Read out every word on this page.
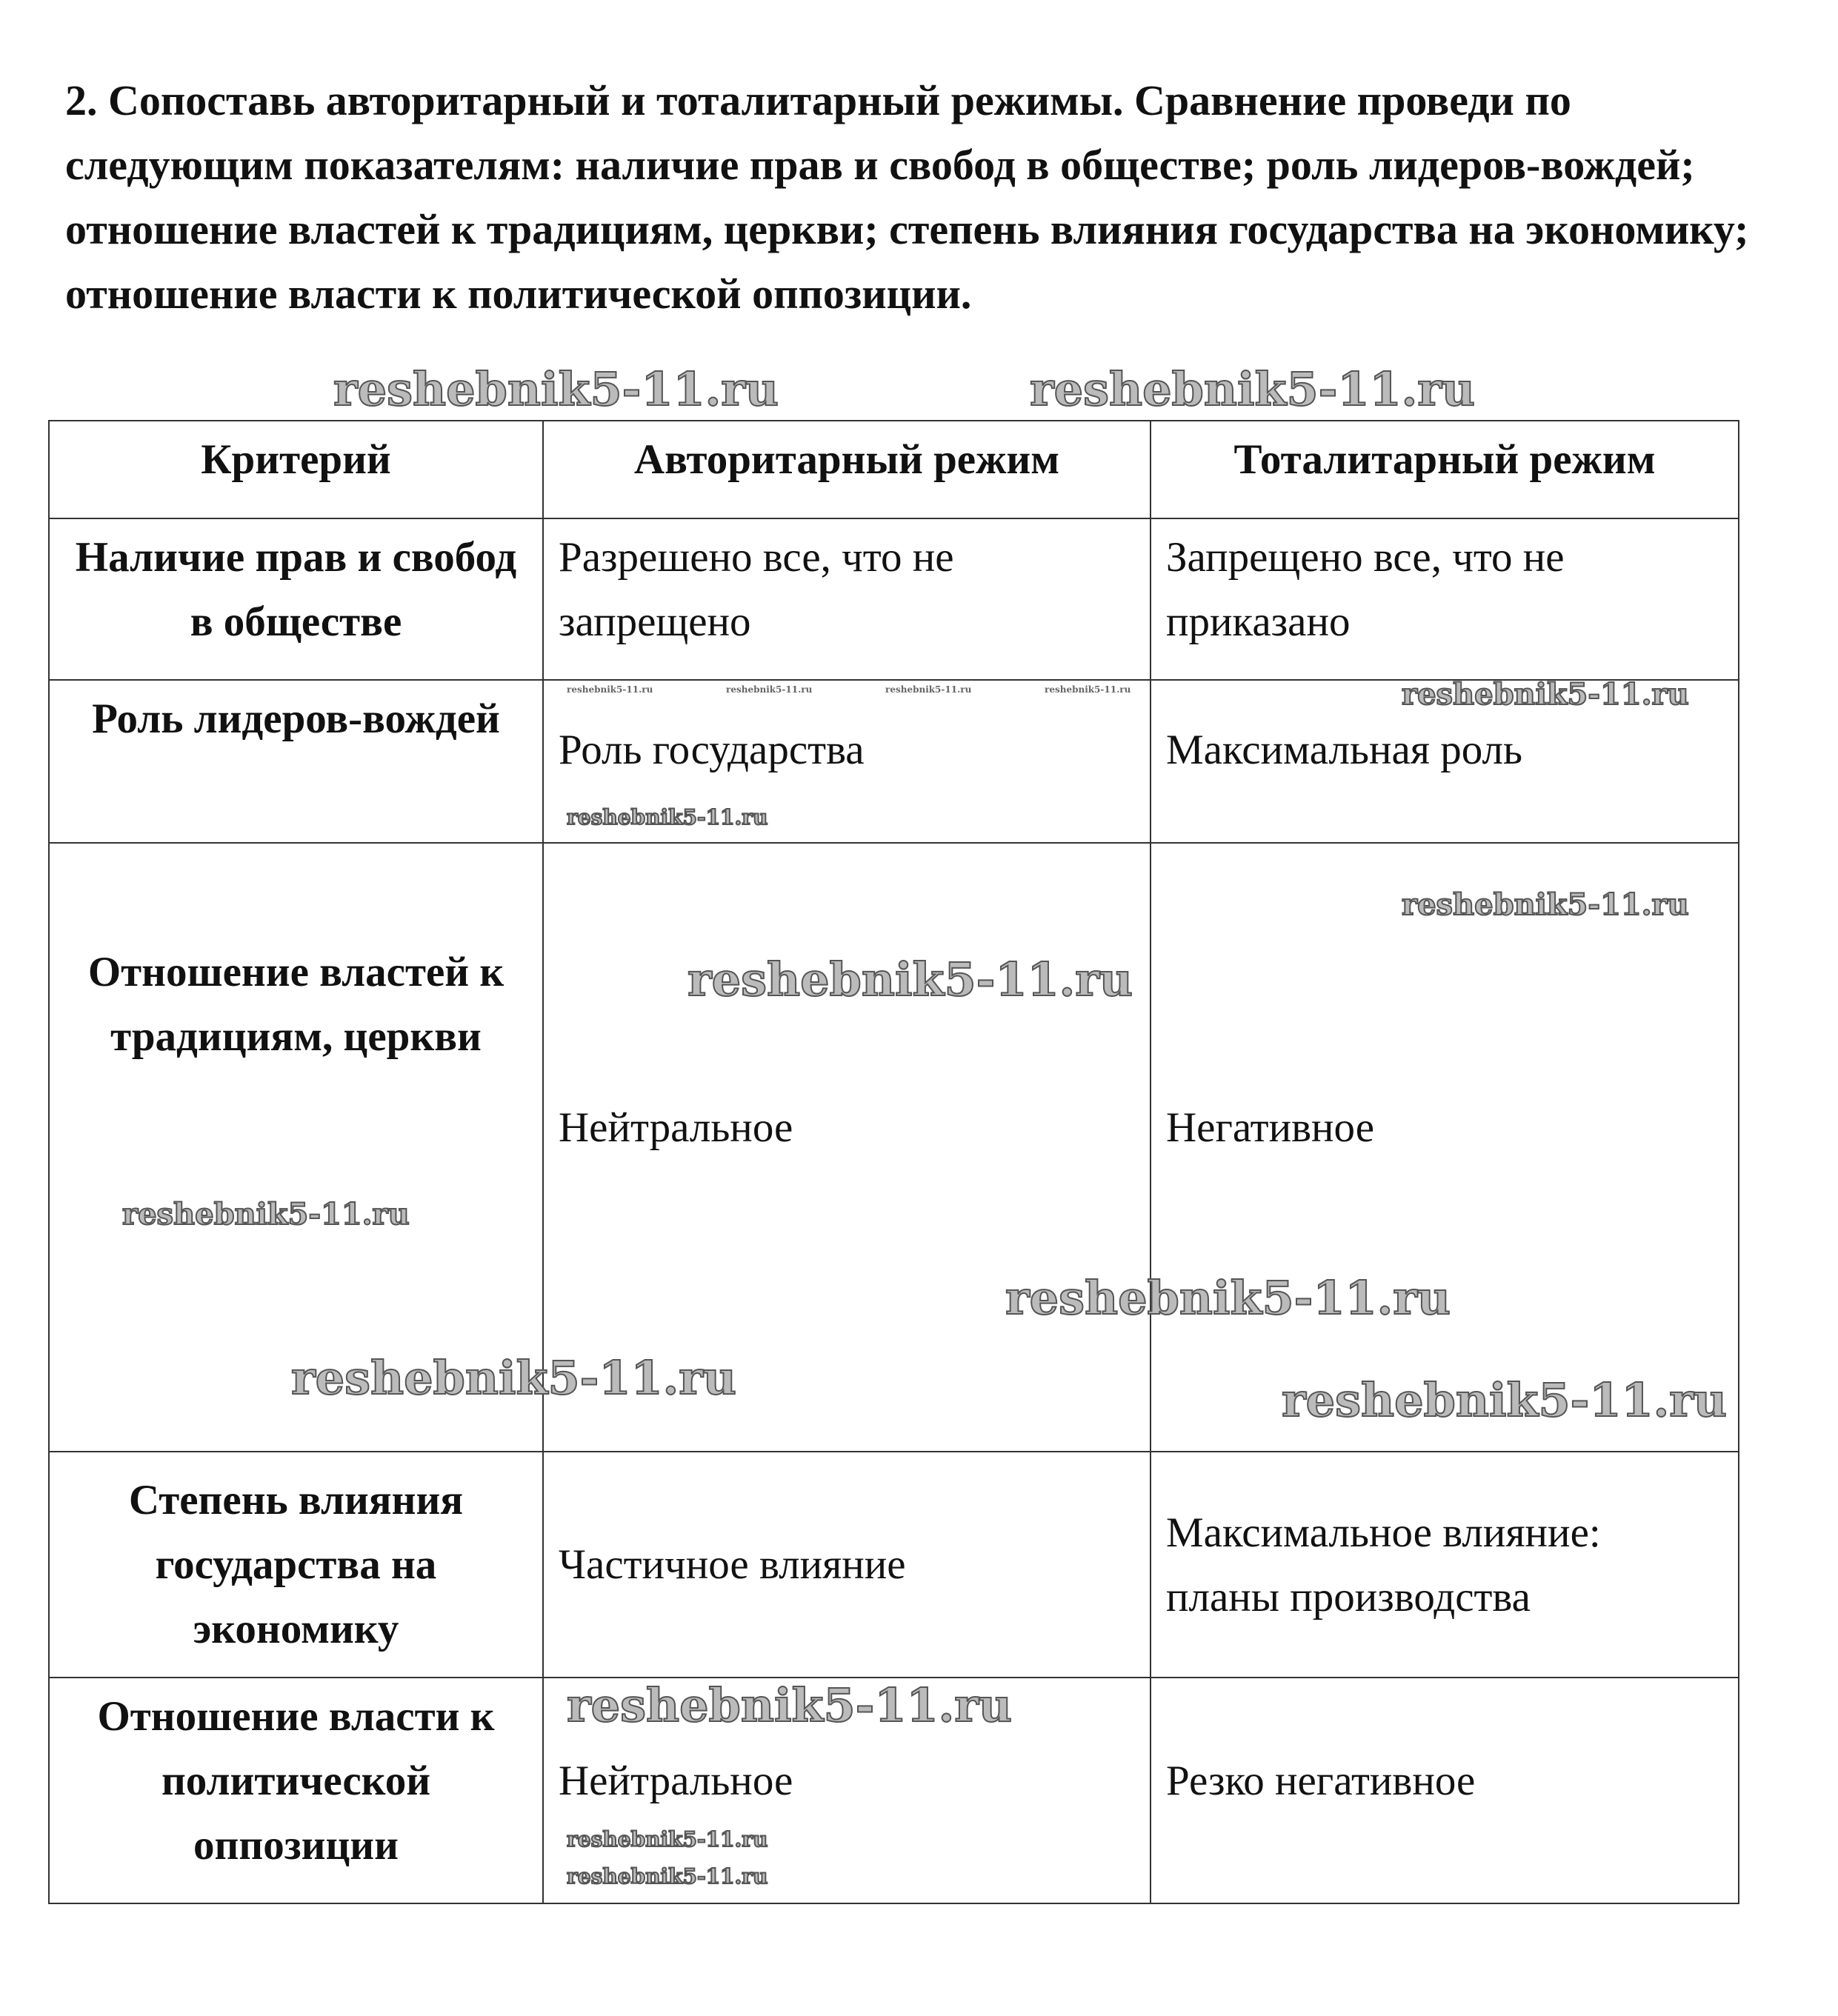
2. Сопоставь авторитарный и тоталитарный режимы. Сравнение проведи по следующим показателям: наличие прав и свобод в обществе; роль лидеров-вождей; отношение властей к традициям, церкви; степень влияния государства на экономику; отношение власти к политической оппозиции.
Критерий	Авторитарный режим	Тоталитарный режим
Наличие прав и свобод в обществе	Разрешено все, что не запрещено	Запрещено все, что не приказано
Роль лидеров-вождей	Роль государства	Максимальная роль
Отношение властей к традициям, церкви	Нейтральное	Негативное
Степень влияния государства на экономику	Частичное влияние	Максимальное влияние: планы производства
Отношение власти к политической оппозиции	Нейтральное	Резко негативное
reshebnik5-11.ru	reshebnik5-11.ru
reshebnik5-11.ru
reshebnik5-11.ru	reshebnik5-11.ru	reshebnik5-11.ru	reshebnik5-11.ru	reshebnik5-11.ru
reshebnik5-11.ru
reshebnik5-11.ru
reshebnik5-11.ru
reshebnik5-11.ru
reshebnik5-11.ru	reshebnik5-11.ru
reshebnik5-11.ru
reshebnik5-11.ru
reshebnik5-11.ru
